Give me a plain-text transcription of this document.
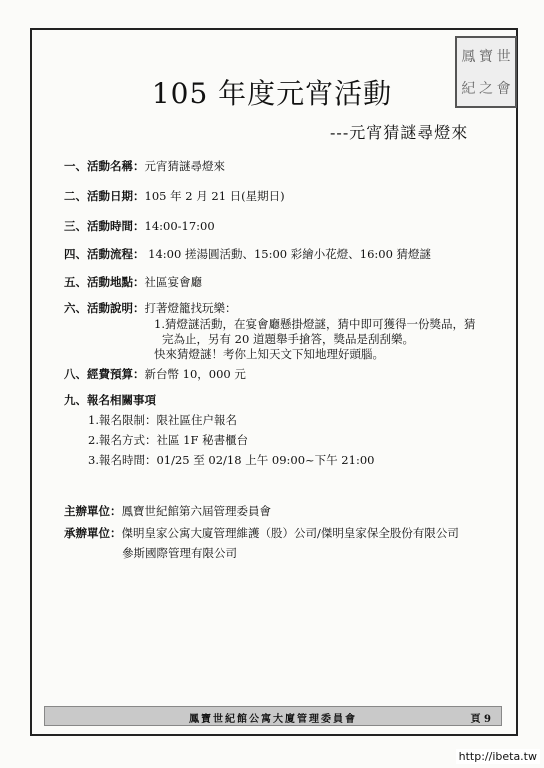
鳳 寶 世
紀 之 會
105 年度元宵活動
---元宵猜謎尋燈來
一、活動名稱：元宵猜謎尋燈來
二、活動日期：105 年 2 月 21 日(星期日)
三、活動時間：14:00-17:00
四、活動流程： 14:00 搓湯圓活動、15:00 彩繪小花燈、16:00 猜燈謎
五、活動地點：社區宴會廳
六、活動說明：打著燈籠找玩樂：
1.猜燈謎活動，在宴會廳懸掛燈謎，猜中即可獲得一份獎品，猜
完為止，另有 20 道題舉手搶答，獎品是刮刮樂。
快來猜燈謎！考你上知天文下知地理好頭腦。
八、經費預算：新台幣 10，000 元
九、報名相關事項
1.報名限制：限社區住户報名
2.報名方式：社區 1F 秘書櫃台
3.報名時間：01/25 至 02/18 上午 09:00~下午 21:00
主辦單位：鳳寶世紀館第六屆管理委員會
承辦單位：傑明皇家公寓大廈管理維護（股）公司/傑明皇家保全股份有限公司
參斯國際管理有限公司
鳳寶世紀館公寓大廈管理委員會	頁 9
http://ibeta.tw
